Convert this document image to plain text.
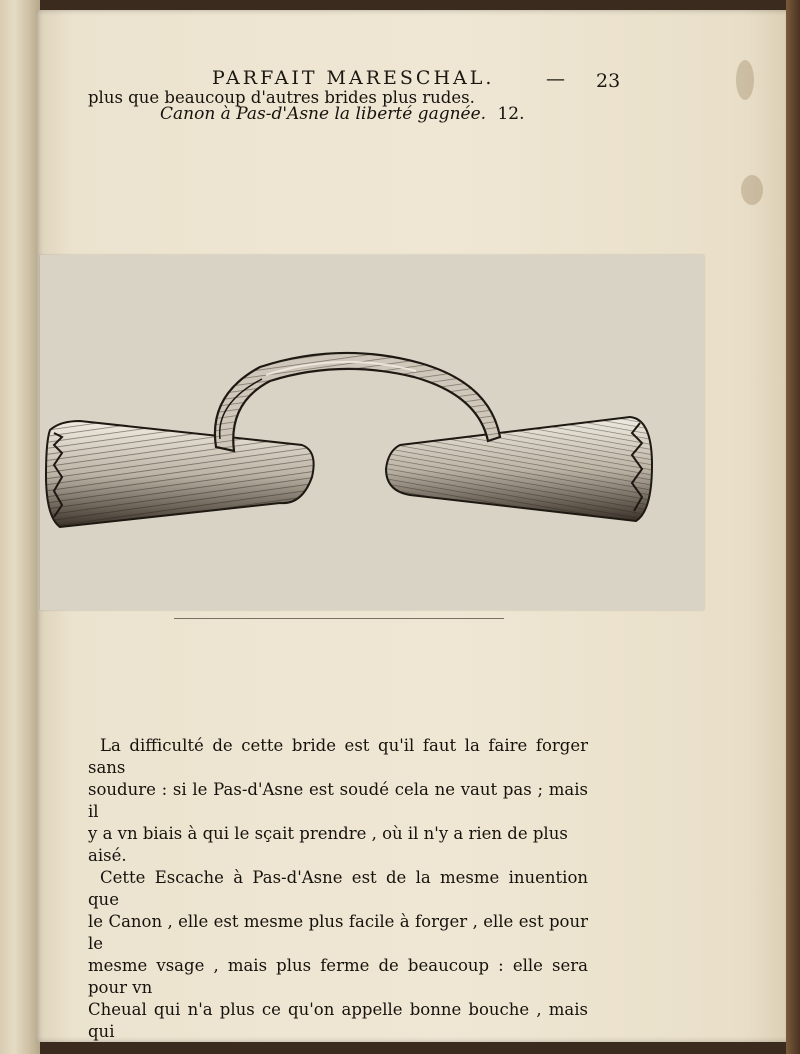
PARFAIT MARESCHAL.	— 23
plus que beaucoup d'autres brides plus rudes.
Canon à Pas-d'Asne la liberté gagnée. 12.

La difficulté de cette bride est qu'il faut la faire forger sans
soudure : si le Pas-d'Asne est soudé cela ne vaut pas ; mais il
y a vn biais à qui le sçait prendre , où il n'y a rien de plus
aisé.

Cette Escache à Pas-d'Asne est de la mesme inuention que
le Canon , elle est mesme plus facile à forger , elle est pour le
mesme vsage , mais plus ferme de beaucoup : elle sera pour vn
Cheual qui n'a plus ce qu'on appelle bonne bouche , mais qui
